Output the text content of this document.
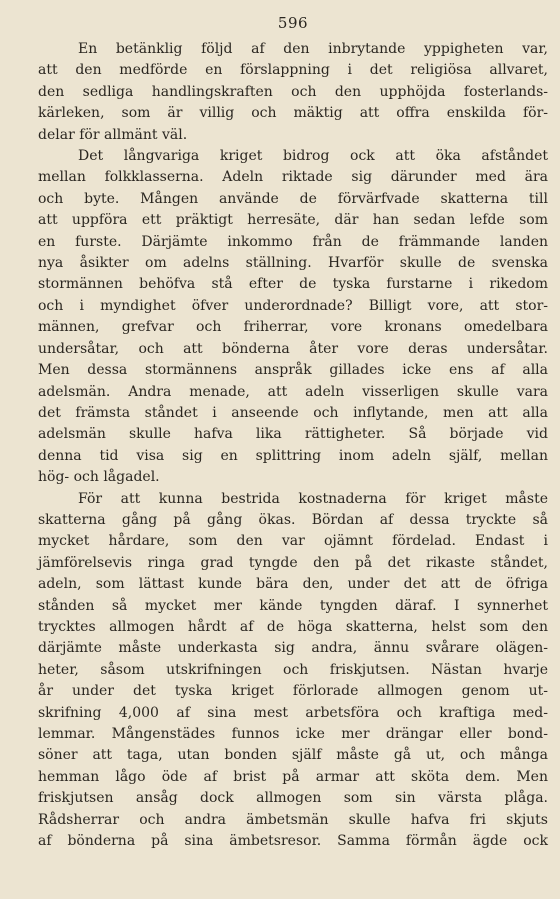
596
En betänklig följd af den inbrytande yppigheten var,
att den medförde en förslappning i det religiösa allvaret,
den sedliga handlingskraften och den upphöjda fosterlands-
kärleken, som är villig och mäktig att offra enskilda för-
delar för allmänt väl.
Det långvariga kriget bidrog ock att öka afståndet
mellan folkklasserna. Adeln riktade sig därunder med ära
och byte. Mången använde de förvärfvade skatterna till
att uppföra ett präktigt herresäte, där han sedan lefde som
en furste. Därjämte inkommo från de främmande landen
nya åsikter om adelns ställning. Hvarför skulle de svenska
stormännen behöfva stå efter de tyska furstarne i rikedom
och i myndighet öfver underordnade? Billigt vore, att stor-
männen, grefvar och friherrar, vore kronans omedelbara
undersåtar, och att bönderna åter vore deras undersåtar.
Men dessa stormännens anspråk gillades icke ens af alla
adelsmän. Andra menade, att adeln visserligen skulle vara
det främsta ståndet i anseende och inflytande, men att alla
adelsmän skulle hafva lika rättigheter. Så började vid
denna tid visa sig en splittring inom adeln själf, mellan
hög- och lågadel.
För att kunna bestrida kostnaderna för kriget måste
skatterna gång på gång ökas. Bördan af dessa tryckte så
mycket hårdare, som den var ojämnt fördelad. Endast i
jämförelsevis ringa grad tyngde den på det rikaste ståndet,
adeln, som lättast kunde bära den, under det att de öfriga
stånden så mycket mer kände tyngden däraf. I synnerhet
trycktes allmogen hårdt af de höga skatterna, helst som den
därjämte måste underkasta sig andra, ännu svårare olägen-
heter, såsom utskrifningen och friskjutsen. Nästan hvarje
år under det tyska kriget förlorade allmogen genom ut-
skrifning 4,000 af sina mest arbetsföra och kraftiga med-
lemmar. Mångenstädes funnos icke mer drängar eller bond-
söner att taga, utan bonden själf måste gå ut, och många
hemman lågo öde af brist på armar att sköta dem. Men
friskjutsen ansåg dock allmogen som sin värsta plåga.
Rådsherrar och andra ämbetsmän skulle hafva fri skjuts
af bönderna på sina ämbetsresor. Samma förmån ägde ock
